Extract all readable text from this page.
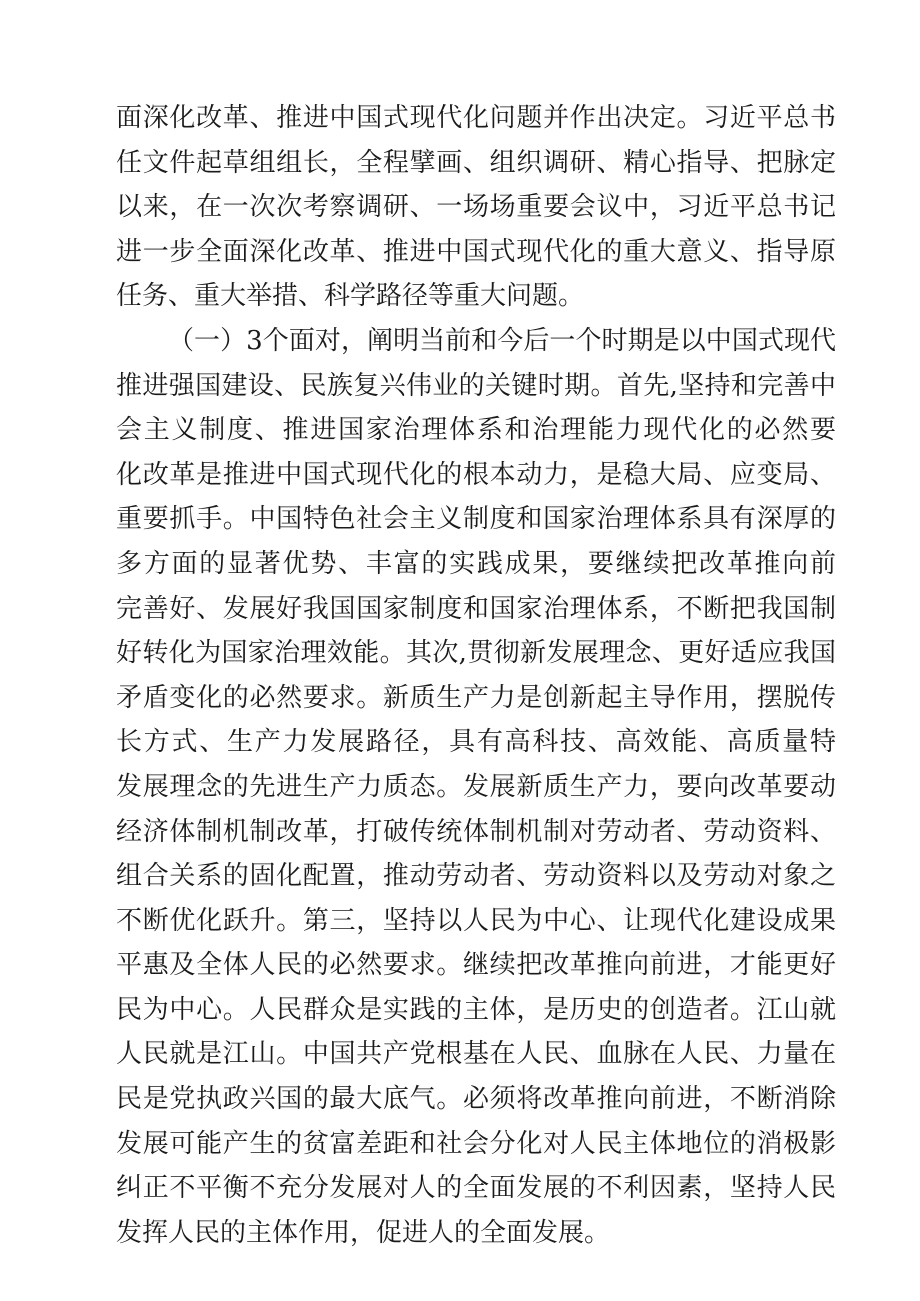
面深化改革、推进中国式现代化问题并作出决定。习近平总书
任文件起草组组长，全程擘画、组织调研、精心指导、把脉定
以来，在一次次考察调研、一场场重要会议中，习近平总书记
进一步全面深化改革、推进中国式现代化的重大意义、指导原
任务、重大举措、科学路径等重大问题。
（一）3个面对，阐明当前和今后一个时期是以中国式现代
推进强国建设、民族复兴伟业的关键时期。首先,坚持和完善中
会主义制度、推进国家治理体系和治理能力现代化的必然要
化改革是推进中国式现代化的根本动力，是稳大局、应变局、
重要抓手。中国特色社会主义制度和国家治理体系具有深厚的
多方面的显著优势、丰富的实践成果，要继续把改革推向前
完善好、发展好我国国家制度和国家治理体系，不断把我国制
好转化为国家治理效能。其次,贯彻新发展理念、更好适应我国
矛盾变化的必然要求。新质生产力是创新起主导作用，摆脱传
长方式、生产力发展路径，具有高科技、高效能、高质量特
发展理念的先进生产力质态。发展新质生产力，要向改革要动
经济体制机制改革，打破传统体制机制对劳动者、劳动资料、
组合关系的固化配置，推动劳动者、劳动资料以及劳动对象之
不断优化跃升。第三，坚持以人民为中心、让现代化建设成果
平惠及全体人民的必然要求。继续把改革推向前进，才能更好
民为中心。人民群众是实践的主体，是历史的创造者。江山就
人民就是江山。中国共产党根基在人民、血脉在人民、力量在
民是党执政兴国的最大底气。必须将改革推向前进，不断消除
发展可能产生的贫富差距和社会分化对人民主体地位的消极影
纠正不平衡不充分发展对人的全面发展的不利因素，坚持人民
发挥人民的主体作用，促进人的全面发展。
